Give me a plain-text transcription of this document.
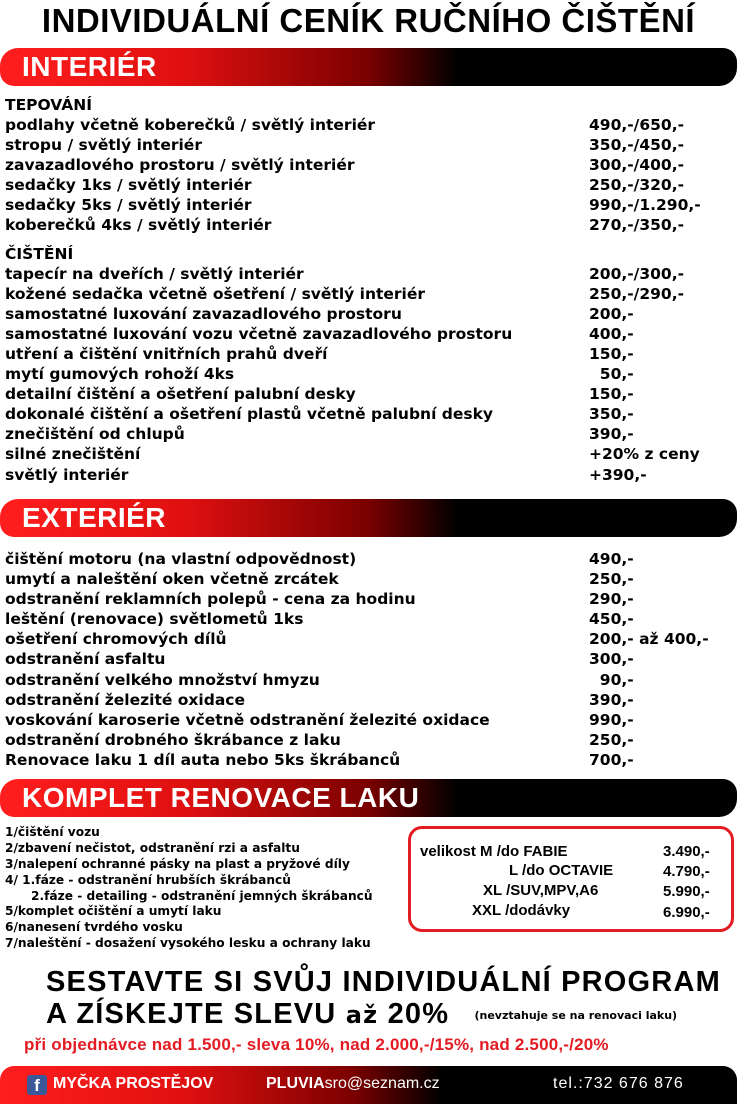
INDIVIDUÁLNÍ CENÍK RUČNÍHO ČIŠTĚNÍ
INTERIÉR
TEPOVÁNÍ
podlahy včetně koberečků / světlý interiér	490,-/650,-
stropu / světlý interiér	350,-/450,-
zavazadlového prostoru / světlý interiér	300,-/400,-
sedačky 1ks / světlý interiér	250,-/320,-
sedačky 5ks / světlý interiér	990,-/1.290,-
koberečků 4ks / světlý interiér	270,-/350,-
ČIŠTĚNÍ
tapecír na dveřích / světlý interiér	200,-/300,-
kožené sedačka včetně ošetření / světlý interiér	250,-/290,-
samostatné luxování zavazadlového prostoru	200,-
samostatné luxování vozu včetně zavazadlového prostoru	400,-
utření a čištění vnitřních prahů dveří	150,-
mytí gumových rohoží 4ks	50,-
detailní čištění a ošetření palubní desky	150,-
dokonalé čištění a ošetření plastů včetně palubní desky	350,-
znečištění od chlupů	390,-
silné znečištění	+20% z ceny
světlý interiér	+390,-
EXTERIÉR
čištění motoru (na vlastní odpovědnost)	490,-
umytí a naleštění oken včetně zrcátek	250,-
odstranění reklamních polepů - cena za hodinu	290,-
leštění (renovace) světlometů 1ks	450,-
ošetření chromových dílů	200,- až 400,-
odstranění asfaltu	300,-
odstranění velkého množství hmyzu	90,-
odstranění železité oxidace	390,-
voskování karoserie včetně odstranění železité oxidace	990,-
odstranění drobného škrábance z laku	250,-
Renovace laku 1 díl auta nebo 5ks škrábanců	700,-
KOMPLET RENOVACE LAKU
1/čištění vozu
2/zbavení nečistot, odstranění rzi a asfaltu
3/nalepení ochranné pásky na plast a pryžové díly
4/ 1.fáze - odstranění hrubších škrábanců
2.fáze - detailing - odstranění jemných škrábanců
5/komplet očištění a umytí laku
6/nanesení tvrdého vosku
7/naleštění - dosažení vysokého lesku a ochrany laku
velikost M /do FABIE	3.490,-
L /do OCTAVIE	4.790,-
XL /SUV,MPV,A6	5.990,-
XXL /dodávky	6.990,-
SESTAVTE SI SVŮJ INDIVIDUÁLNÍ PROGRAM
A ZÍSKEJTE SLEVU až 20% (nevztahuje se na renovaci laku)
při objednávce nad 1.500,- sleva 10%, nad 2.000,-/15%, nad 2.500,-/20%
f MYČKA PROSTĚJOV	PLUVIAsro@seznam.cz	tel.:732 676 876
